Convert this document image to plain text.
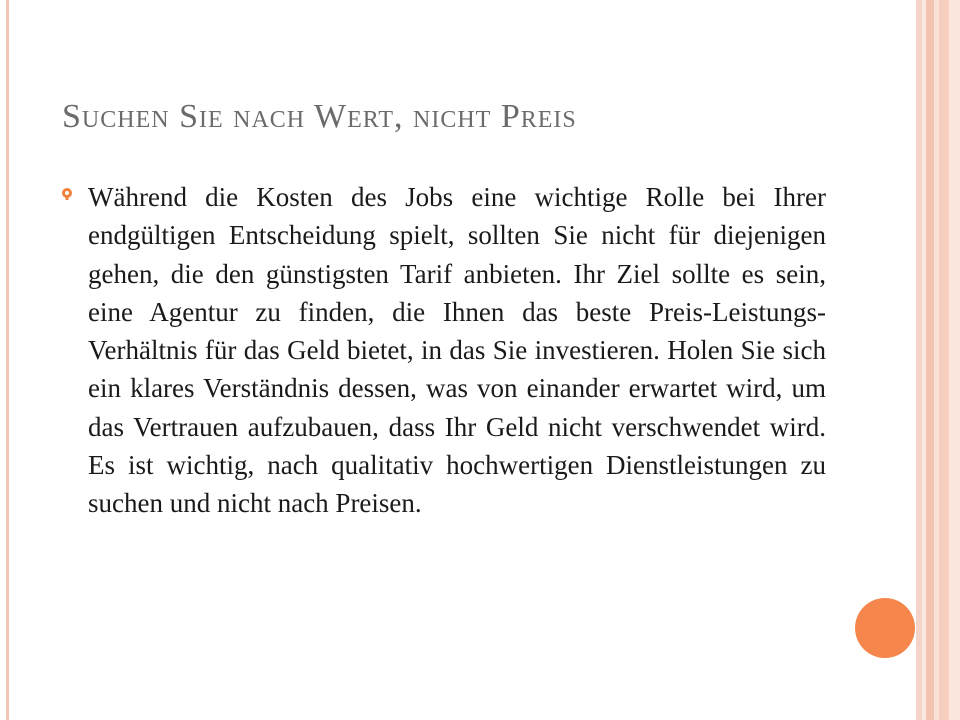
Suchen Sie nach Wert, nicht Preis
Während die Kosten des Jobs eine wichtige Rolle bei Ihrer endgültigen Entscheidung spielt, sollten Sie nicht für diejenigen gehen, die den günstigsten Tarif anbieten. Ihr Ziel sollte es sein, eine Agentur zu finden, die Ihnen das beste Preis-Leistungs-Verhältnis für das Geld bietet, in das Sie investieren. Holen Sie sich ein klares Verständnis dessen, was von einander erwartet wird, um das Vertrauen aufzubauen, dass Ihr Geld nicht verschwendet wird. Es ist wichtig, nach qualitativ hochwertigen Dienstleistungen zu suchen und nicht nach Preisen.
